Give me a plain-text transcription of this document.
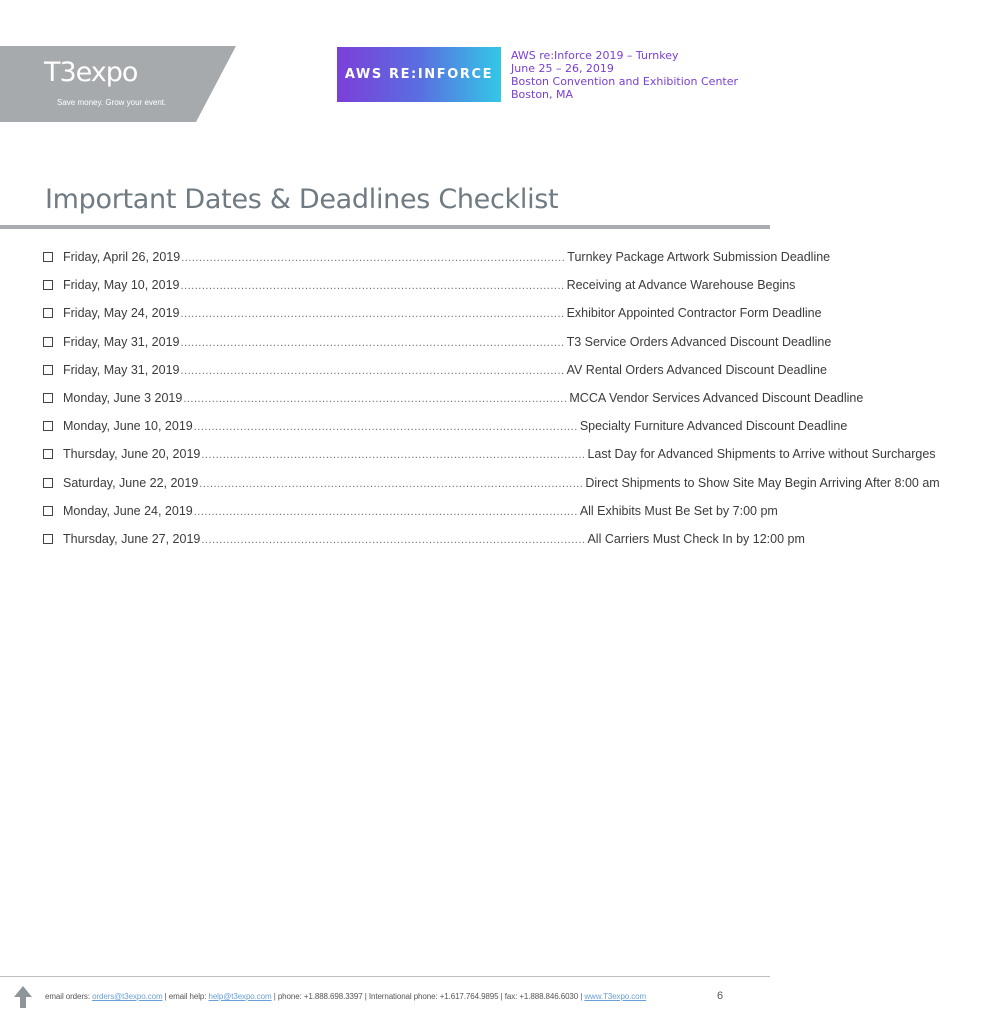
T3expo
Save money. Grow your event.
AWS RE:INFORCE
AWS re:Inforce 2019 – Turnkey
June 25 – 26, 2019
Boston Convention and Exhibition Center
Boston, MA
Important Dates & Deadlines Checklist
Friday, April 26, 2019 ............................................................................................................ Turnkey Package Artwork Submission Deadline
Friday, May 10, 2019 ............................................................................................................ Receiving at Advance Warehouse Begins
Friday, May 24, 2019 ............................................................................................................ Exhibitor Appointed Contractor Form Deadline
Friday, May 31, 2019 ............................................................................................................ T3 Service Orders Advanced Discount Deadline
Friday, May 31, 2019 ............................................................................................................ AV Rental Orders Advanced Discount Deadline
Monday, June 3 2019 ............................................................................................................ MCCA Vendor Services Advanced Discount Deadline
Monday, June 10, 2019 ............................................................................................................ Specialty Furniture Advanced Discount Deadline
Thursday, June 20, 2019 ............................................................................................................ Last Day for Advanced Shipments to Arrive without Surcharges
Saturday, June 22, 2019 ............................................................................................................ Direct Shipments to Show Site May Begin Arriving After 8:00 am
Monday, June 24, 2019 ............................................................................................................ All Exhibits Must Be Set by 7:00 pm
Thursday, June 27, 2019 ............................................................................................................ All Carriers Must Check In by 12:00 pm
email orders: orders@t3expo.com | email help: help@t3expo.com | phone: +1.888.698.3397 | International phone: +1.617.764.9895 | fax: +1.888.846.6030 | www.T3expo.com	6
